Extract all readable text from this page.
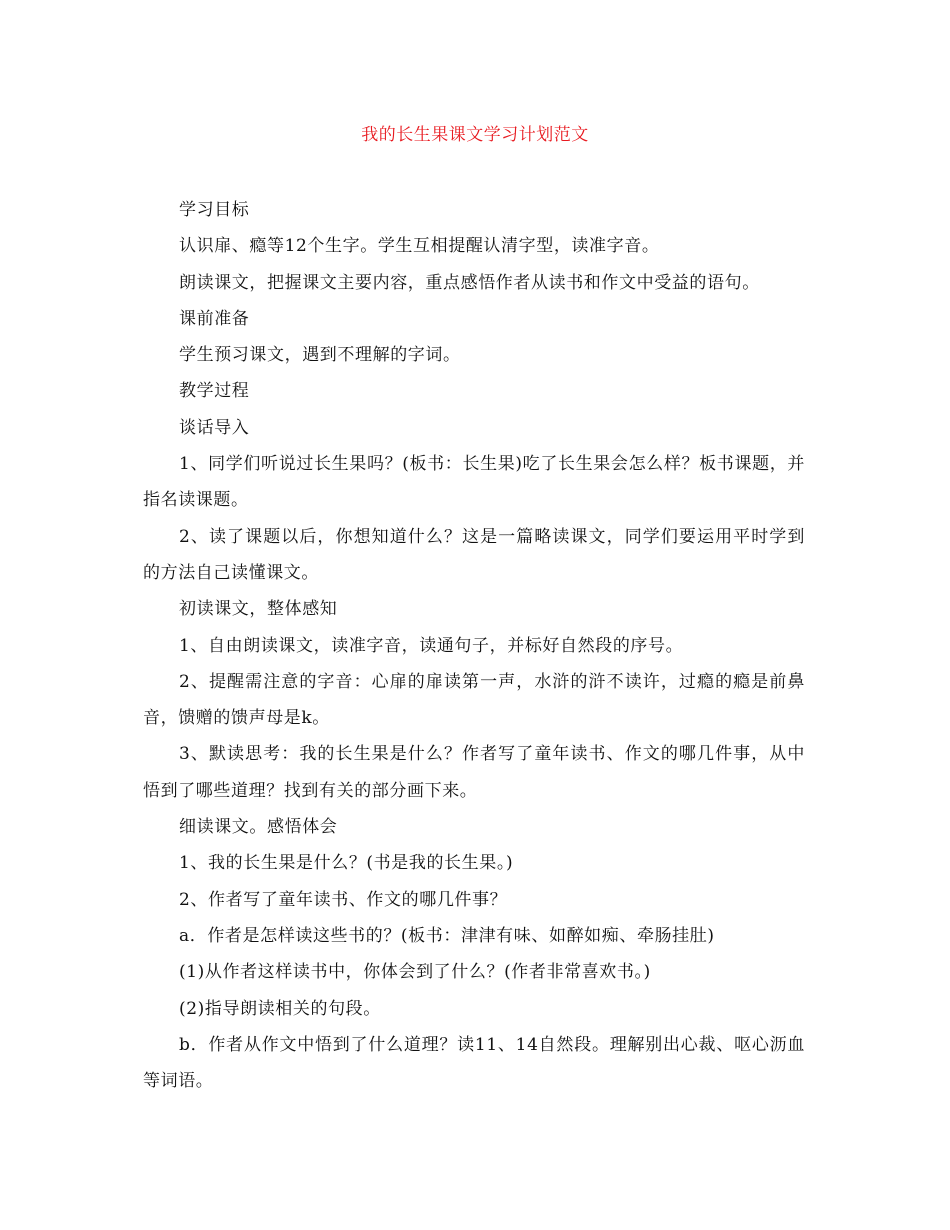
我的长生果课文学习计划范文

学习目标

认识扉、瘾等12个生字。学生互相提醒认清字型，读准字音。

朗读课文，把握课文主要内容，重点感悟作者从读书和作文中受益的语句。

课前准备

学生预习课文，遇到不理解的字词。

教学过程

谈话导入

1、同学们听说过长生果吗？(板书：长生果)吃了长生果会怎么样？板书课题，并指名读课题。

2、读了课题以后，你想知道什么？这是一篇略读课文，同学们要运用平时学到的方法自己读懂课文。

初读课文，整体感知

1、自由朗读课文，读准字音，读通句子，并标好自然段的序号。

2、提醒需注意的字音：心扉的扉读第一声，水浒的浒不读许，过瘾的瘾是前鼻音，馈赠的馈声母是k。

3、默读思考：我的长生果是什么？作者写了童年读书、作文的哪几件事，从中悟到了哪些道理？找到有关的部分画下来。

细读课文。感悟体会

1、我的长生果是什么？(书是我的长生果。)

2、作者写了童年读书、作文的哪几件事？

a．作者是怎样读这些书的？(板书：津津有味、如醉如痴、牵肠挂肚)

(1)从作者这样读书中，你体会到了什么？(作者非常喜欢书。)

(2)指导朗读相关的句段。

b．作者从作文中悟到了什么道理？读11、14自然段。理解别出心裁、呕心沥血等词语。
